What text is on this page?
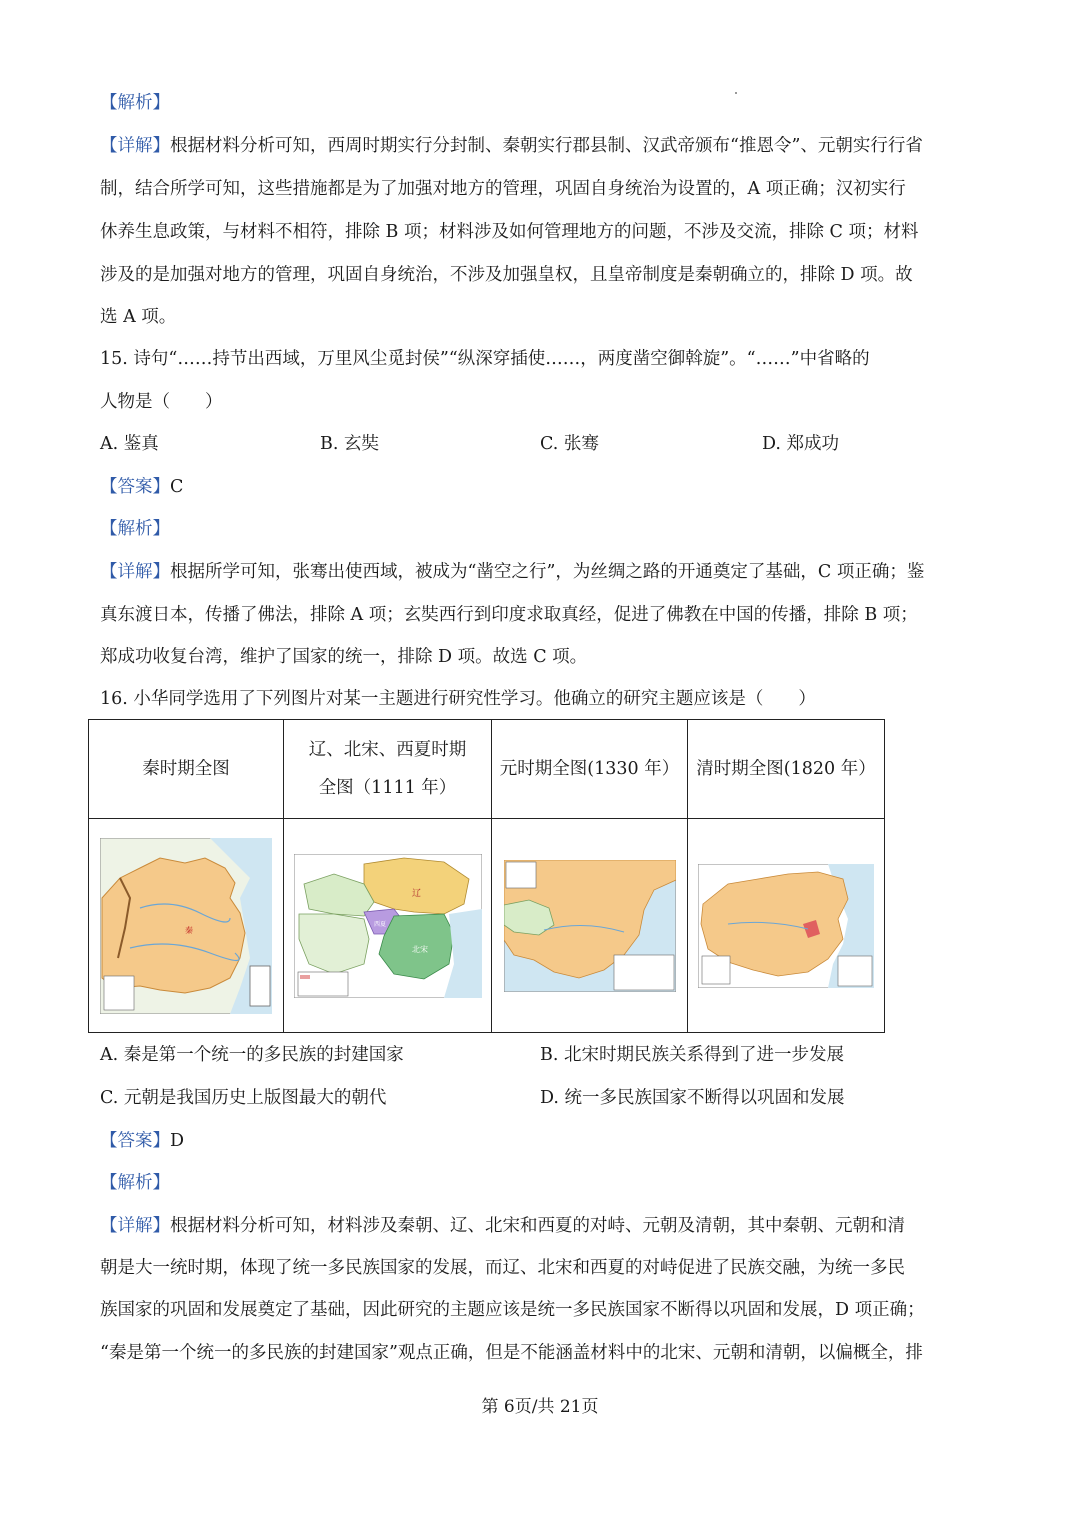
【解析】
【详解】根据材料分析可知，西周时期实行分封制、秦朝实行郡县制、汉武帝颁布“推恩令”、元朝实行行省
制，结合所学可知，这些措施都是为了加强对地方的管理，巩固自身统治为设置的，A 项正确；汉初实行
休养生息政策，与材料不相符，排除 B 项；材料涉及如何管理地方的问题，不涉及交流，排除 C 项；材料
涉及的是加强对地方的管理，巩固自身统治，不涉及加强皇权，且皇帝制度是秦朝确立的，排除 D 项。故
选 A 项。
15. 诗句“……持节出西域，万里风尘觅封侯”“纵深穿插使……，两度凿空御斡旋”。“……”中省略的
人物是（　　）
A. 鉴真	B. 玄奘	C. 张骞	D. 郑成功
【答案】C
【解析】
【详解】根据所学可知，张骞出使西域，被成为“凿空之行”，为丝绸之路的开通奠定了基础，C 项正确；鉴
真东渡日本，传播了佛法，排除 A 项；玄奘西行到印度求取真经，促进了佛教在中国的传播，排除 B 项；
郑成功收复台湾，维护了国家的统一，排除 D 项。故选 C 项。
16. 小华同学选用了下列图片对某一主题进行研究性学习。他确立的研究主题应该是（　　）
秦时期全图	辽、北宋、西夏时期全图（1111 年）	元时期全图(1330 年）	清时期全图(1820 年）

秦	辽
西夏
北宋

A. 秦是第一个统一的多民族的封建国家	B. 北宋时期民族关系得到了进一步发展
C. 元朝是我国历史上版图最大的朝代	D. 统一多民族国家不断得以巩固和发展
【答案】D
【解析】
【详解】根据材料分析可知，材料涉及秦朝、辽、北宋和西夏的对峙、元朝及清朝，其中秦朝、元朝和清
朝是大一统时期，体现了统一多民族国家的发展，而辽、北宋和西夏的对峙促进了民族交融，为统一多民
族国家的巩固和发展奠定了基础，因此研究的主题应该是统一多民族国家不断得以巩固和发展，D 项正确；
“秦是第一个统一的多民族的封建国家”观点正确，但是不能涵盖材料中的北宋、元朝和清朝，以偏概全，排
第 6页/共 21页
